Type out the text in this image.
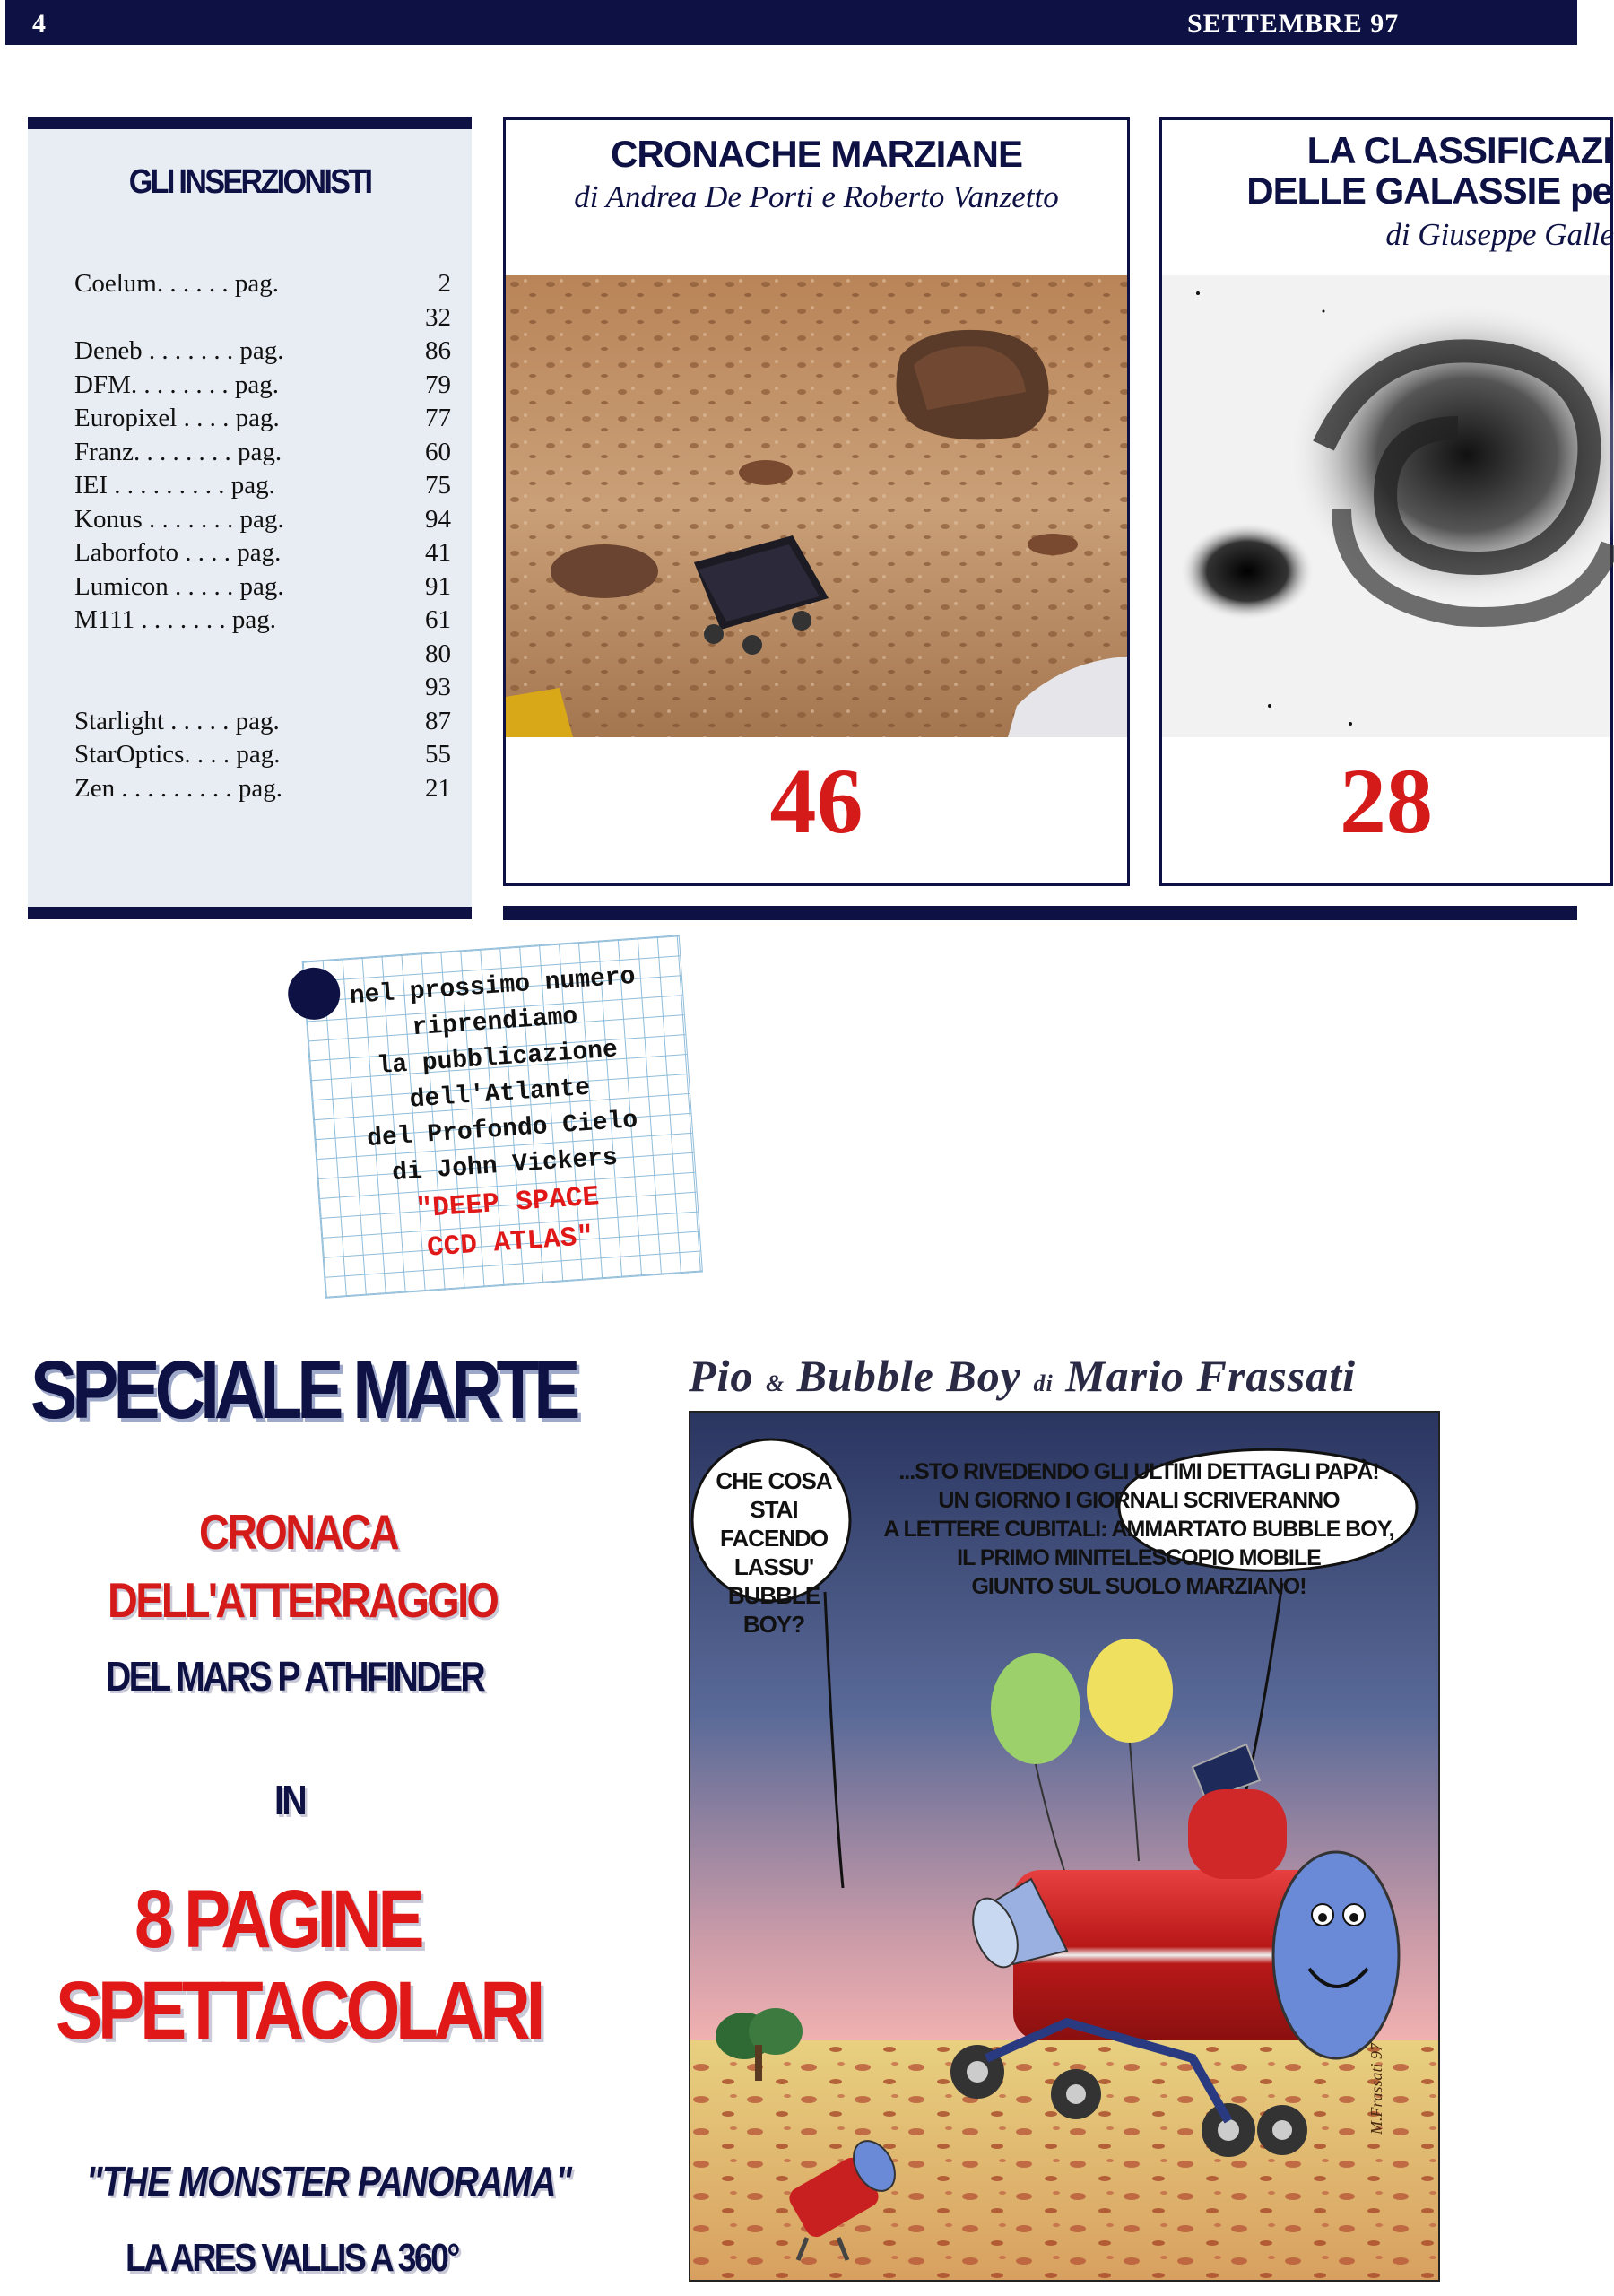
4	SETTEMBRE 97
GLI INSERZIONISTI
Coelum. . . . . . pag.	2
32
Deneb . . . . . . . pag.	86
DFM. . . . . . . . pag.	79
Europixel . . . . pag.	77
Franz. . . . . . . . pag.	60
IEI . . . . . . . . . pag.	75
Konus . . . . . . . pag.	94
Laborfoto . . . . pag.	41
Lumicon . . . . . pag.	91
M111 . . . . . . . pag.	61
80
93
Starlight . . . . . pag.	87
StarOptics. . . . pag.	55
Zen . . . . . . . . . pag.	21
CRONACHE MARZIANE
di Andrea De Porti e Roberto Vanzetto
46
LA CLASSIFICAZI
DELLE GALASSIE pe
di Giuseppe Galle
28
nel prossimo numero
riprendiamo
la pubblicazione
dell'Atlante
del Profondo Cielo
di John Vickers
"DEEP SPACE
CCD ATLAS"
SPECIALE MARTE
CRONACA
DELL'ATTERRAGGIO
DEL MARS P ATHFINDER
IN
8 PAGINE
SPETTACOLARI
"THE MONSTER PANORAMA"
LA ARES VALLIS A 360°
Pio & Bubble Boy di Mario Frassati
CHE COSA
STAI FACENDO
LASSU'
BUBBLE BOY?
...STO RIVEDENDO GLI ULTIMI DETTAGLI PAPÀ!
UN GIORNO I GIORNALI SCRIVERANNO
A LETTERE CUBITALI: AMMARTATO BUBBLE BOY,
IL PRIMO MINITELESCOPIO MOBILE
GIUNTO SUL SUOLO MARZIANO!
M.Frassati 97
